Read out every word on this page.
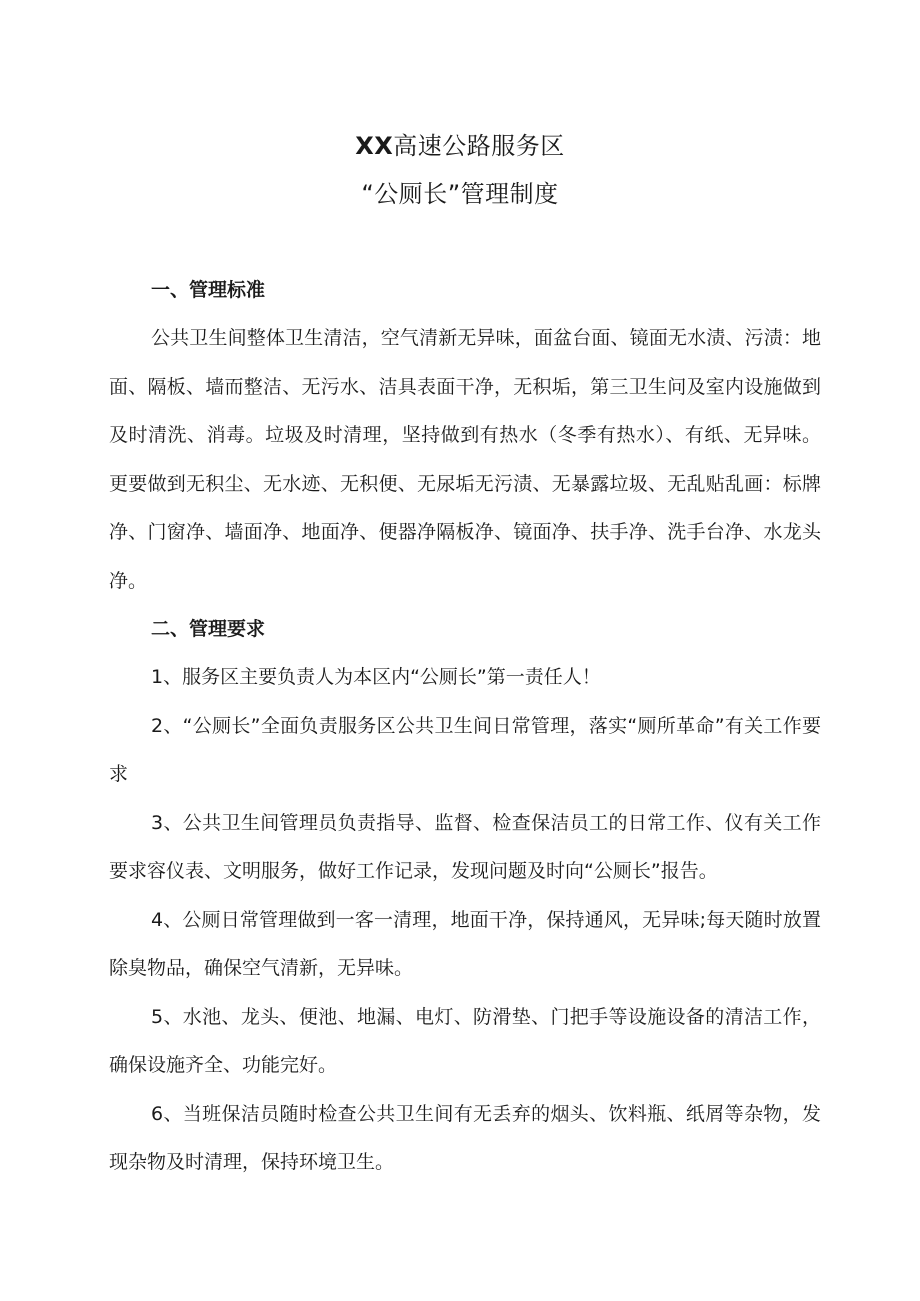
XX高速公路服务区
“公厕长”管理制度
一、管理标准

公共卫生间整体卫生清洁，空气清新无异味，面盆台面、镜面无水渍、污渍：地面、隔板、墙而整洁、无污水、洁具表面干净，无积垢，第三卫生问及室内设施做到及时清洗、消毒。垃圾及时清理，坚持做到有热水（冬季有热水）、有纸、无异味。更要做到无积尘、无水迹、无积便、无尿垢无污渍、无暴露垃圾、无乱贴乱画：标牌净、门窗净、墙面净、地面净、便器净隔板净、镜面净、扶手净、洗手台净、水龙头净。

二、管理要求

1、服务区主要负责人为本区内“公厕长”第一责任人！

2、“公厕长”全面负责服务区公共卫生间日常管理，落实“厕所革命”有关工作要求

3、公共卫生间管理员负责指导、监督、检查保洁员工的日常工作、仪有关工作要求容仪表、文明服务，做好工作记录，发现问题及时向“公厕长”报告。

4、公厕日常管理做到一客一清理，地面干净，保持通风，无异味;每天随时放置除臭物品，确保空气清新，无异味。

5、水池、龙头、便池、地漏、电灯、防滑垫、门把手等设施设备的清洁工作，确保设施齐全、功能完好。

6、当班保洁员随时检查公共卫生间有无丢弃的烟头、饮料瓶、纸屑等杂物，发现杂物及时清理，保持环境卫生。
